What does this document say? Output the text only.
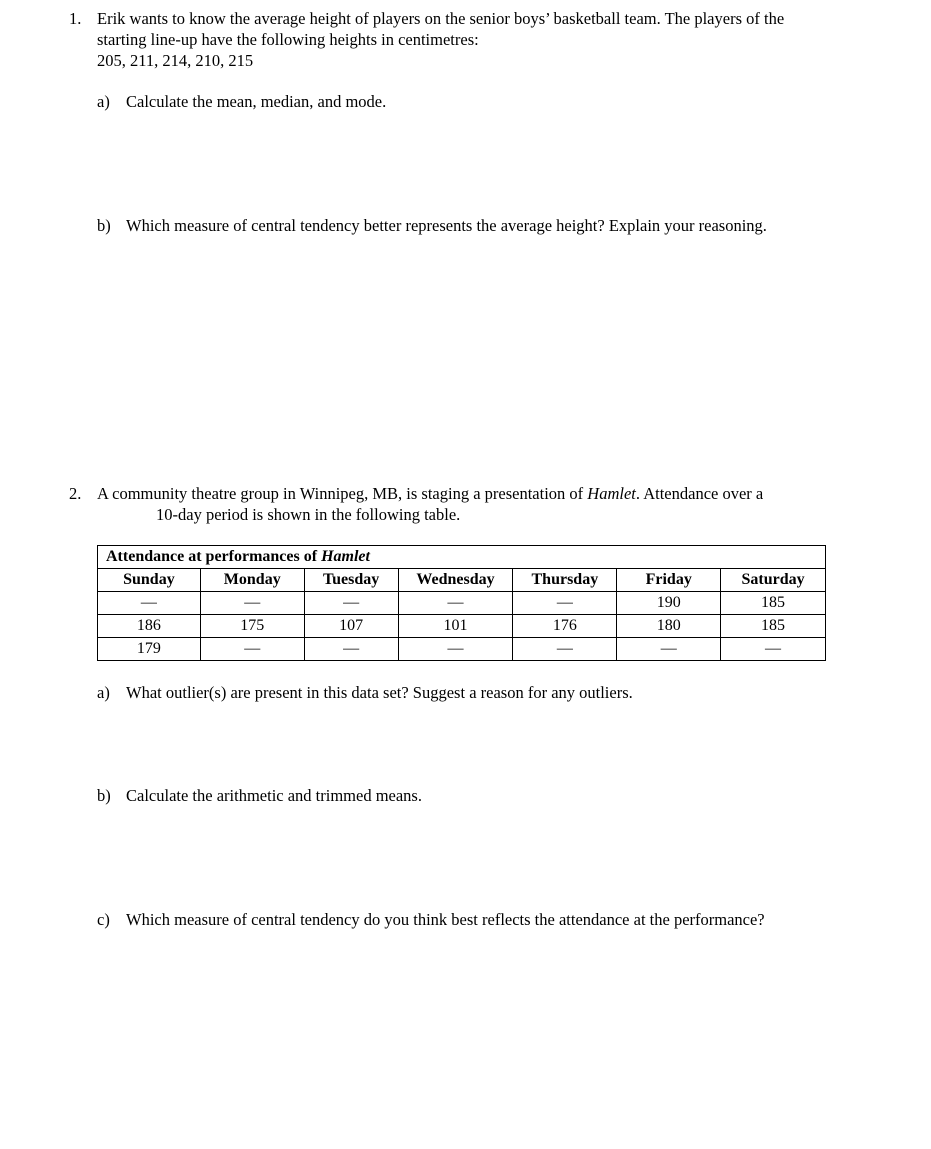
1. Erik wants to know the average height of players on the senior boys’ basketball team. The players of the
starting line-up have the following heights in centimetres:
205, 211, 214, 210, 215
a) Calculate the mean, median, and mode.
b) Which measure of central tendency better represents the average height? Explain your reasoning.
2. A community theatre group in Winnipeg, MB, is staging a presentation of Hamlet. Attendance over a
10-day period is shown in the following table.
Attendance at performances of Hamlet						
Sunday	Monday	Tuesday	Wednesday	Thursday	Friday	Saturday
—	—	—	—	—	190	185
186	175	107	101	176	180	185
179	—	—	—	—	—	—
a) What outlier(s) are present in this data set? Suggest a reason for any outliers.
b) Calculate the arithmetic and trimmed means.
c) Which measure of central tendency do you think best reflects the attendance at the performance?
